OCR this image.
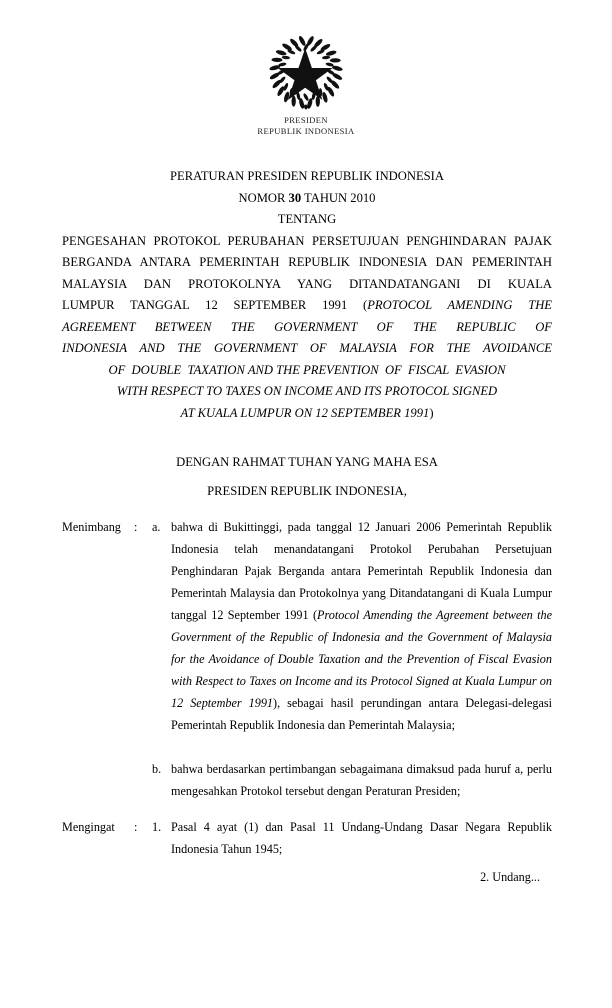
PRESIDEN
REPUBLIK INDONESIA
PERATURAN PRESIDEN REPUBLIK INDONESIA
NOMOR 30 TAHUN 2010
TENTANG
PENGESAHAN PROTOKOL PERUBAHAN PERSETUJUAN PENGHINDARAN PAJAK
BERGANDA ANTARA PEMERINTAH REPUBLIK INDONESIA DAN PEMERINTAH
MALAYSIA DAN PROTOKOLNYA YANG DITANDATANGANI DI KUALA
LUMPUR TANGGAL 12 SEPTEMBER 1991 (PROTOCOL AMENDING THE
AGREEMENT BETWEEN THE GOVERNMENT OF THE REPUBLIC OF
INDONESIA AND THE GOVERNMENT OF MALAYSIA FOR THE AVOIDANCE
OF  DOUBLE  TAXATION AND THE PREVENTION  OF  FISCAL  EVASION
WITH RESPECT TO TAXES ON INCOME AND ITS PROTOCOL SIGNED
AT KUALA LUMPUR ON 12 SEPTEMBER 1991)
DENGAN RAHMAT TUHAN YANG MAHA ESA
PRESIDEN REPUBLIK INDONESIA,
Menimbang	:	a. bahwa di Bukittinggi, pada tanggal 12 Januari 2006 Pemerintah Republik Indonesia telah menandatangani Protokol Perubahan Persetujuan Penghindaran Pajak Berganda antara Pemerintah Republik Indonesia dan Pemerintah Malaysia dan Protokolnya yang Ditandatangani di Kuala Lumpur tanggal 12 September 1991 (Protocol Amending the Agreement between the Government of the Republic of Indonesia and the Government of Malaysia for the Avoidance of Double Taxation and the Prevention of Fiscal Evasion with Respect to Taxes on Income and its Protocol Signed at Kuala Lumpur on 12 September 1991), sebagai hasil perundingan antara Delegasi-delegasi Pemerintah Republik Indonesia dan Pemerintah Malaysia;
b. bahwa berdasarkan pertimbangan sebagaimana dimaksud pada huruf a, perlu mengesahkan Protokol tersebut dengan Peraturan Presiden;
Mengingat	:	1. Pasal 4 ayat (1) dan Pasal 11 Undang-Undang Dasar Negara Republik Indonesia Tahun 1945;
2. Undang...
